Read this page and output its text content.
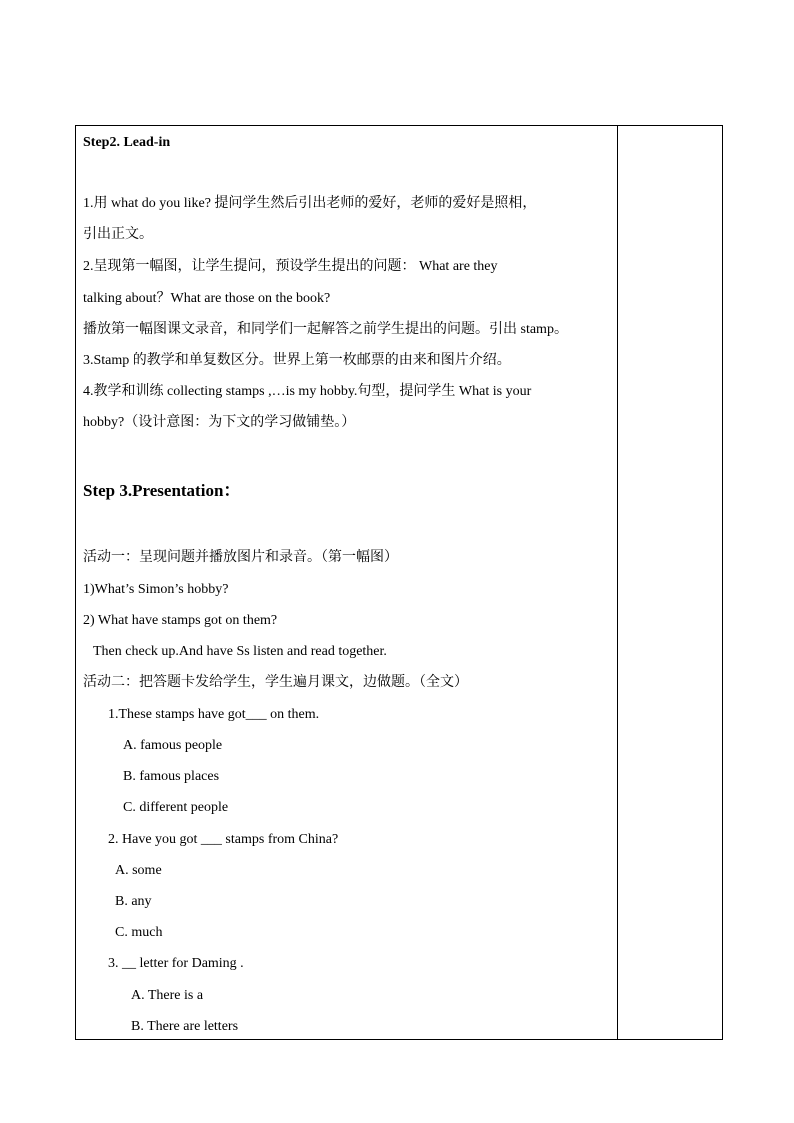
Step2. Lead-in
1.用 what do you like? 提问学生然后引出老师的爱好，老师的爱好是照相，
引出正文。
2.呈现第一幅图，让学生提问，预设学生提出的问题： What are they
talking about？What are those on the book?
播放第一幅图课文录音，和同学们一起解答之前学生提出的问题。引出 stamp。
3.Stamp 的教学和单复数区分。世界上第一枚邮票的由来和图片介绍。
4.教学和训练 collecting stamps ,…is my hobby.句型，提问学生 What is your
hobby?（设计意图：为下文的学习做铺垫。）
Step 3.Presentation：
活动一：呈现问题并播放图片和录音。（第一幅图）
1)What’s Simon’s hobby?
2) What have stamps got on them?
Then check up.And have Ss listen and read together.
活动二：把答题卡发给学生，学生遍月课文，边做题。（全文）
1.These stamps have got___ on them.
A. famous people
B. famous places
C. different people
2. Have you got ___ stamps from China?
A. some
B. any
C. much
3. __ letter for Daming .
A. There is a
B. There are letters
